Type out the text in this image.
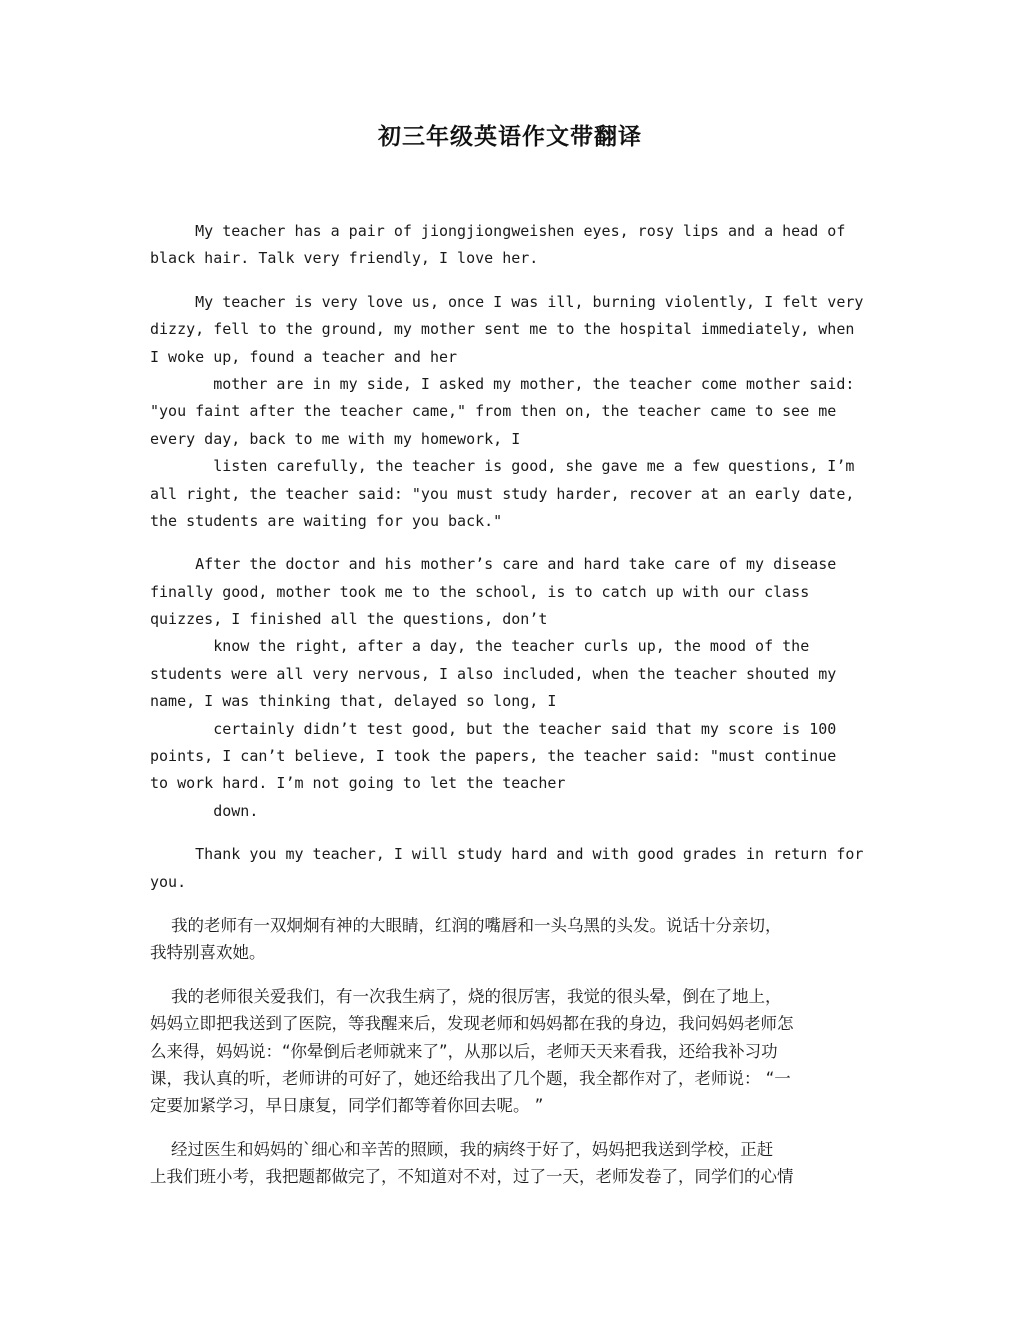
初三年级英语作文带翻译
My teacher has a pair of jiongjiongweishen eyes, rosy lips and a head of
black hair. Talk very friendly, I love her.
My teacher is very love us, once I was ill, burning violently, I felt very
dizzy, fell to the ground, my mother sent me to the hospital immediately, when
I woke up, found a teacher and her
mother are in my side, I asked my mother, the teacher come mother said:
"you faint after the teacher came," from then on, the teacher came to see me
every day, back to me with my homework, I
listen carefully, the teacher is good, she gave me a few questions, I’m
all right, the teacher said: "you must study harder, recover at an early date,
the students are waiting for you back."
After the doctor and his mother’s care and hard take care of my disease
finally good, mother took me to the school, is to catch up with our class
quizzes, I finished all the questions, don’t
know the right, after a day, the teacher curls up, the mood of the
students were all very nervous, I also included, when the teacher shouted my
name, I was thinking that, delayed so long, I
certainly didn’t test good, but the teacher said that my score is 100
points, I can’t believe, I took the papers, the teacher said: "must continue
to work hard. I’m not going to let the teacher
down.
Thank you my teacher, I will study hard and with good grades in return for
you.
我的老师有一双炯炯有神的大眼睛，红润的嘴唇和一头乌黑的头发。说话十分亲切，
我特别喜欢她。
我的老师很关爱我们，有一次我生病了，烧的很厉害，我觉的很头晕，倒在了地上，
妈妈立即把我送到了医院，等我醒来后，发现老师和妈妈都在我的身边，我问妈妈老师怎
么来得，妈妈说：“你晕倒后老师就来了”，从那以后，老师天天来看我，还给我补习功
课，我认真的听，老师讲的可好了，她还给我出了几个题，我全都作对了，老师说： “一
定要加紧学习，早日康复，同学们都等着你回去呢。 ”
经过医生和妈妈的`细心和辛苦的照顾，我的病终于好了，妈妈把我送到学校，正赶
上我们班小考，我把题都做完了，不知道对不对，过了一天，老师发卷了，同学们的心情
